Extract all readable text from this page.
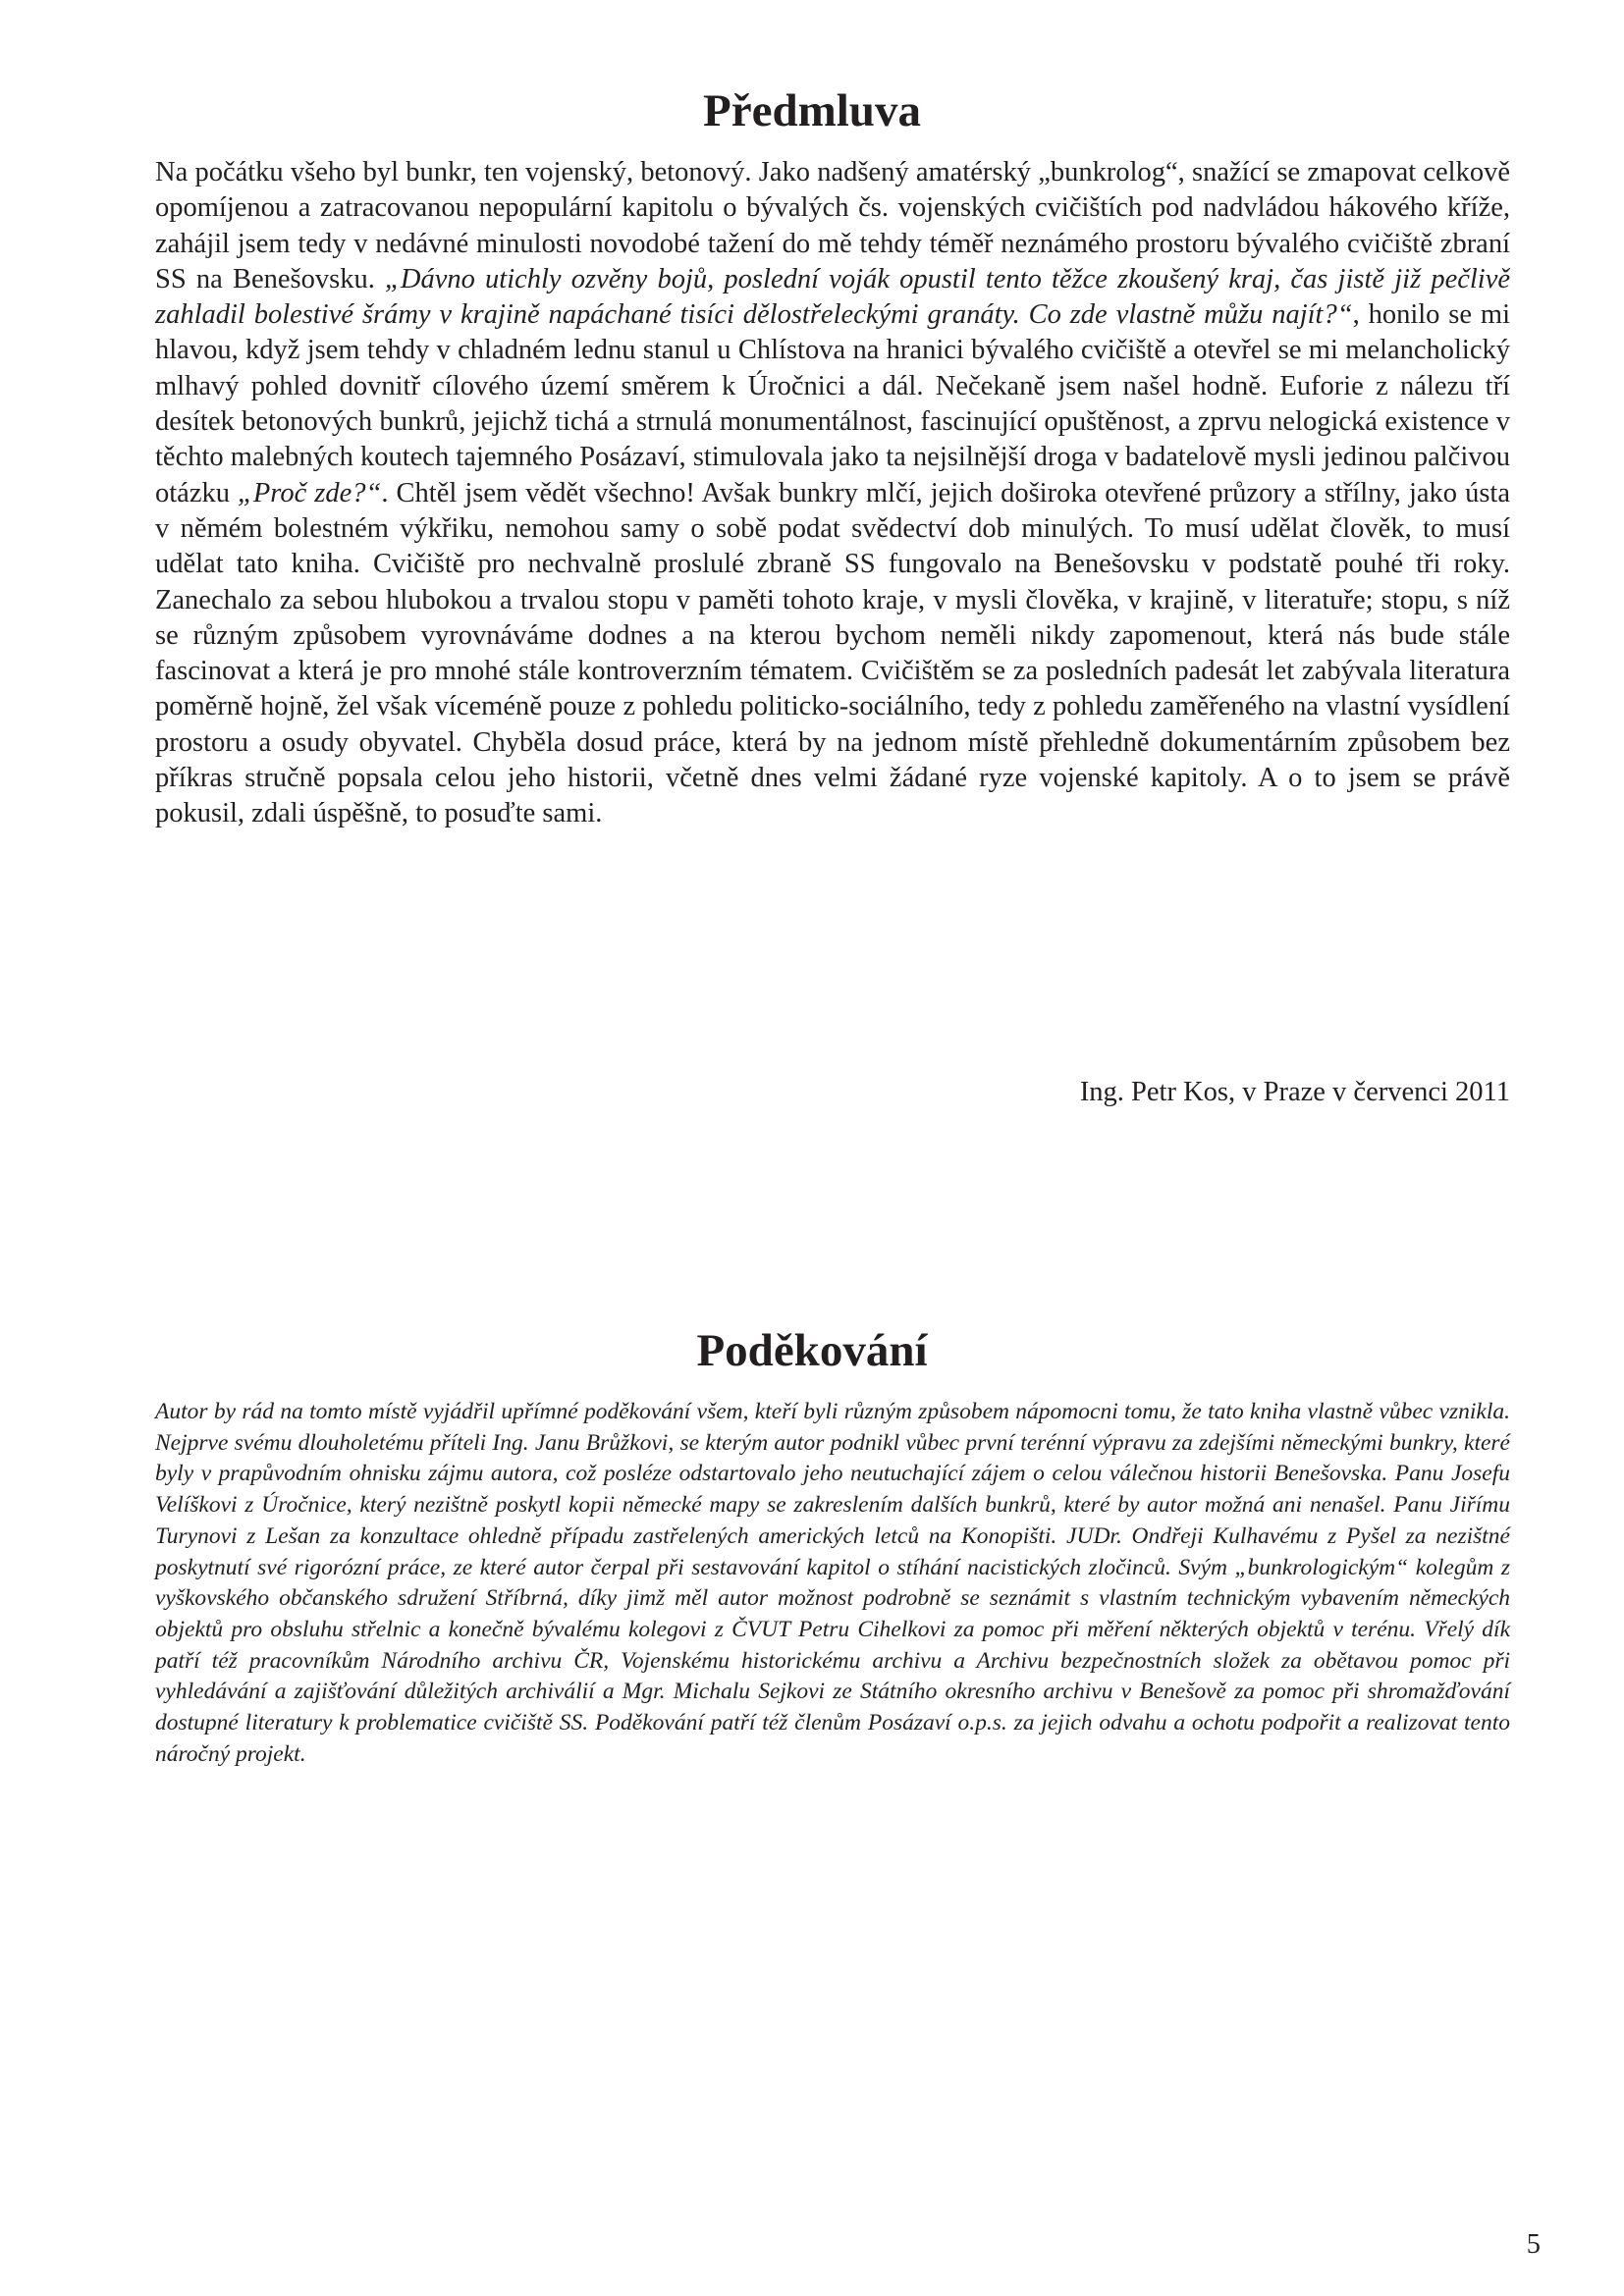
Předmluva

Na počátku všeho byl bunkr, ten vojenský, betonový. Jako nadšený amatérský „bunkrolog“, snažící se zmapovat celkově opomíjenou a zatracovanou nepopulární kapitolu o bývalých čs. vojenských cvičištích pod nadvládou hákového kříže, zahájil jsem tedy v nedávné minulosti novodobé tažení do mě tehdy téměř neznámého prostoru bývalého cvičiště zbraní SS na Benešovsku. „Dávno utichly ozvěny bojů, poslední voják opustil tento těžce zkoušený kraj, čas jistě již pečlivě zahladil bolestivé šrámy v krajině napáchané tisíci dělostřeleckými granáty. Co zde vlastně můžu najít?“, honilo se mi hlavou, když jsem tehdy v chladném lednu stanul u Chlístova na hranici bývalého cvičiště a otevřel se mi melancholický mlhavý pohled dovnitř cílového území směrem k Úročnici a dál. Nečekaně jsem našel hodně. Euforie z nálezu tří desítek betonových bunkrů, jejichž tichá a strnulá monumentálnost, fascinující opuštěnost, a zprvu nelogická existence v těchto malebných koutech tajemného Posázaví, stimulovala jako ta nejsilnější droga v badatelově mysli jedinou palčivou otázku „Proč zde?“. Chtěl jsem vědět všechno! Avšak bunkry mlčí, jejich doširoka otevřené průzory a střílny, jako ústa v němém bolestném výkřiku, nemohou samy o sobě podat svědectví dob minulých. To musí udělat člověk, to musí udělat tato kniha. Cvičiště pro nechvalně proslulé zbraně SS fungovalo na Benešovsku v podstatě pouhé tři roky. Zanechalo za sebou hlubokou a trvalou stopu v paměti tohoto kraje, v mysli člověka, v krajině, v literatuře; stopu, s níž se různým způsobem vyrovnáváme dodnes a na kterou bychom neměli nikdy zapomenout, která nás bude stále fascinovat a která je pro mnohé stále kontroverzním tématem. Cvičištěm se za posledních padesát let zabývala literatura poměrně hojně, žel však víceméně pouze z pohledu politicko-sociálního, tedy z pohledu zaměřeného na vlastní vysídlení prostoru a osudy obyvatel. Chyběla dosud práce, která by na jednom místě přehledně dokumentárním způsobem bez příkras stručně popsala celou jeho historii, včetně dnes velmi žádané ryze vojenské kapitoly. A o to jsem se právě pokusil, zdali úspěšně, to posuďte sami.

Ing. Petr Kos, v Praze v červenci 2011

Poděkování

Autor by rád na tomto místě vyjádřil upřímné poděkování všem, kteří byli různým způsobem nápomocni tomu, že tato kniha vlastně vůbec vznikla. Nejprve svému dlouholetému příteli Ing. Janu Brůžkovi, se kterým autor podnikl vůbec první terénní výpravu za zdejšími německými bunkry, které byly v prapůvodním ohnisku zájmu autora, což posléze odstartovalo jeho neutuchající zájem o celou válečnou historii Benešovska. Panu Josefu Velíškovi z Úročnice, který nezištně poskytl kopii německé mapy se zakreslením dalších bunkrů, které by autor možná ani nenašel. Panu Jiřímu Turynovi z Lešan za konzultace ohledně případu zastřelených amerických letců na Konopišti. JUDr. Ondřeji Kulhavému z Pyšel za nezištné poskytnutí své rigorózní práce, ze které autor čerpal při sestavování kapitol o stíhání nacistických zločinců. Svým „bunkrologickým“ kolegům z vyškovského občanského sdružení Stříbrná, díky jimž měl autor možnost podrobně se seznámit s vlastním technickým vybavením německých objektů pro obsluhu střelnic a konečně bývalému kolegovi z ČVUT Petru Cihelkovi za pomoc při měření některých objektů v terénu. Vřelý dík patří též pracovníkům Národního archivu ČR, Vojenskému historickému archivu a Archivu bezpečnostních složek za obětavou pomoc při vyhledávání a zajišťování důležitých archiválií a Mgr. Michalu Sejkovi ze Státního okresního archivu v Benešově za pomoc při shromažďování dostupné literatury k problematice cvičiště SS. Poděkování patří též členům Posázaví o.p.s. za jejich odvahu a ochotu podpořit a realizovat tento náročný projekt.

5
